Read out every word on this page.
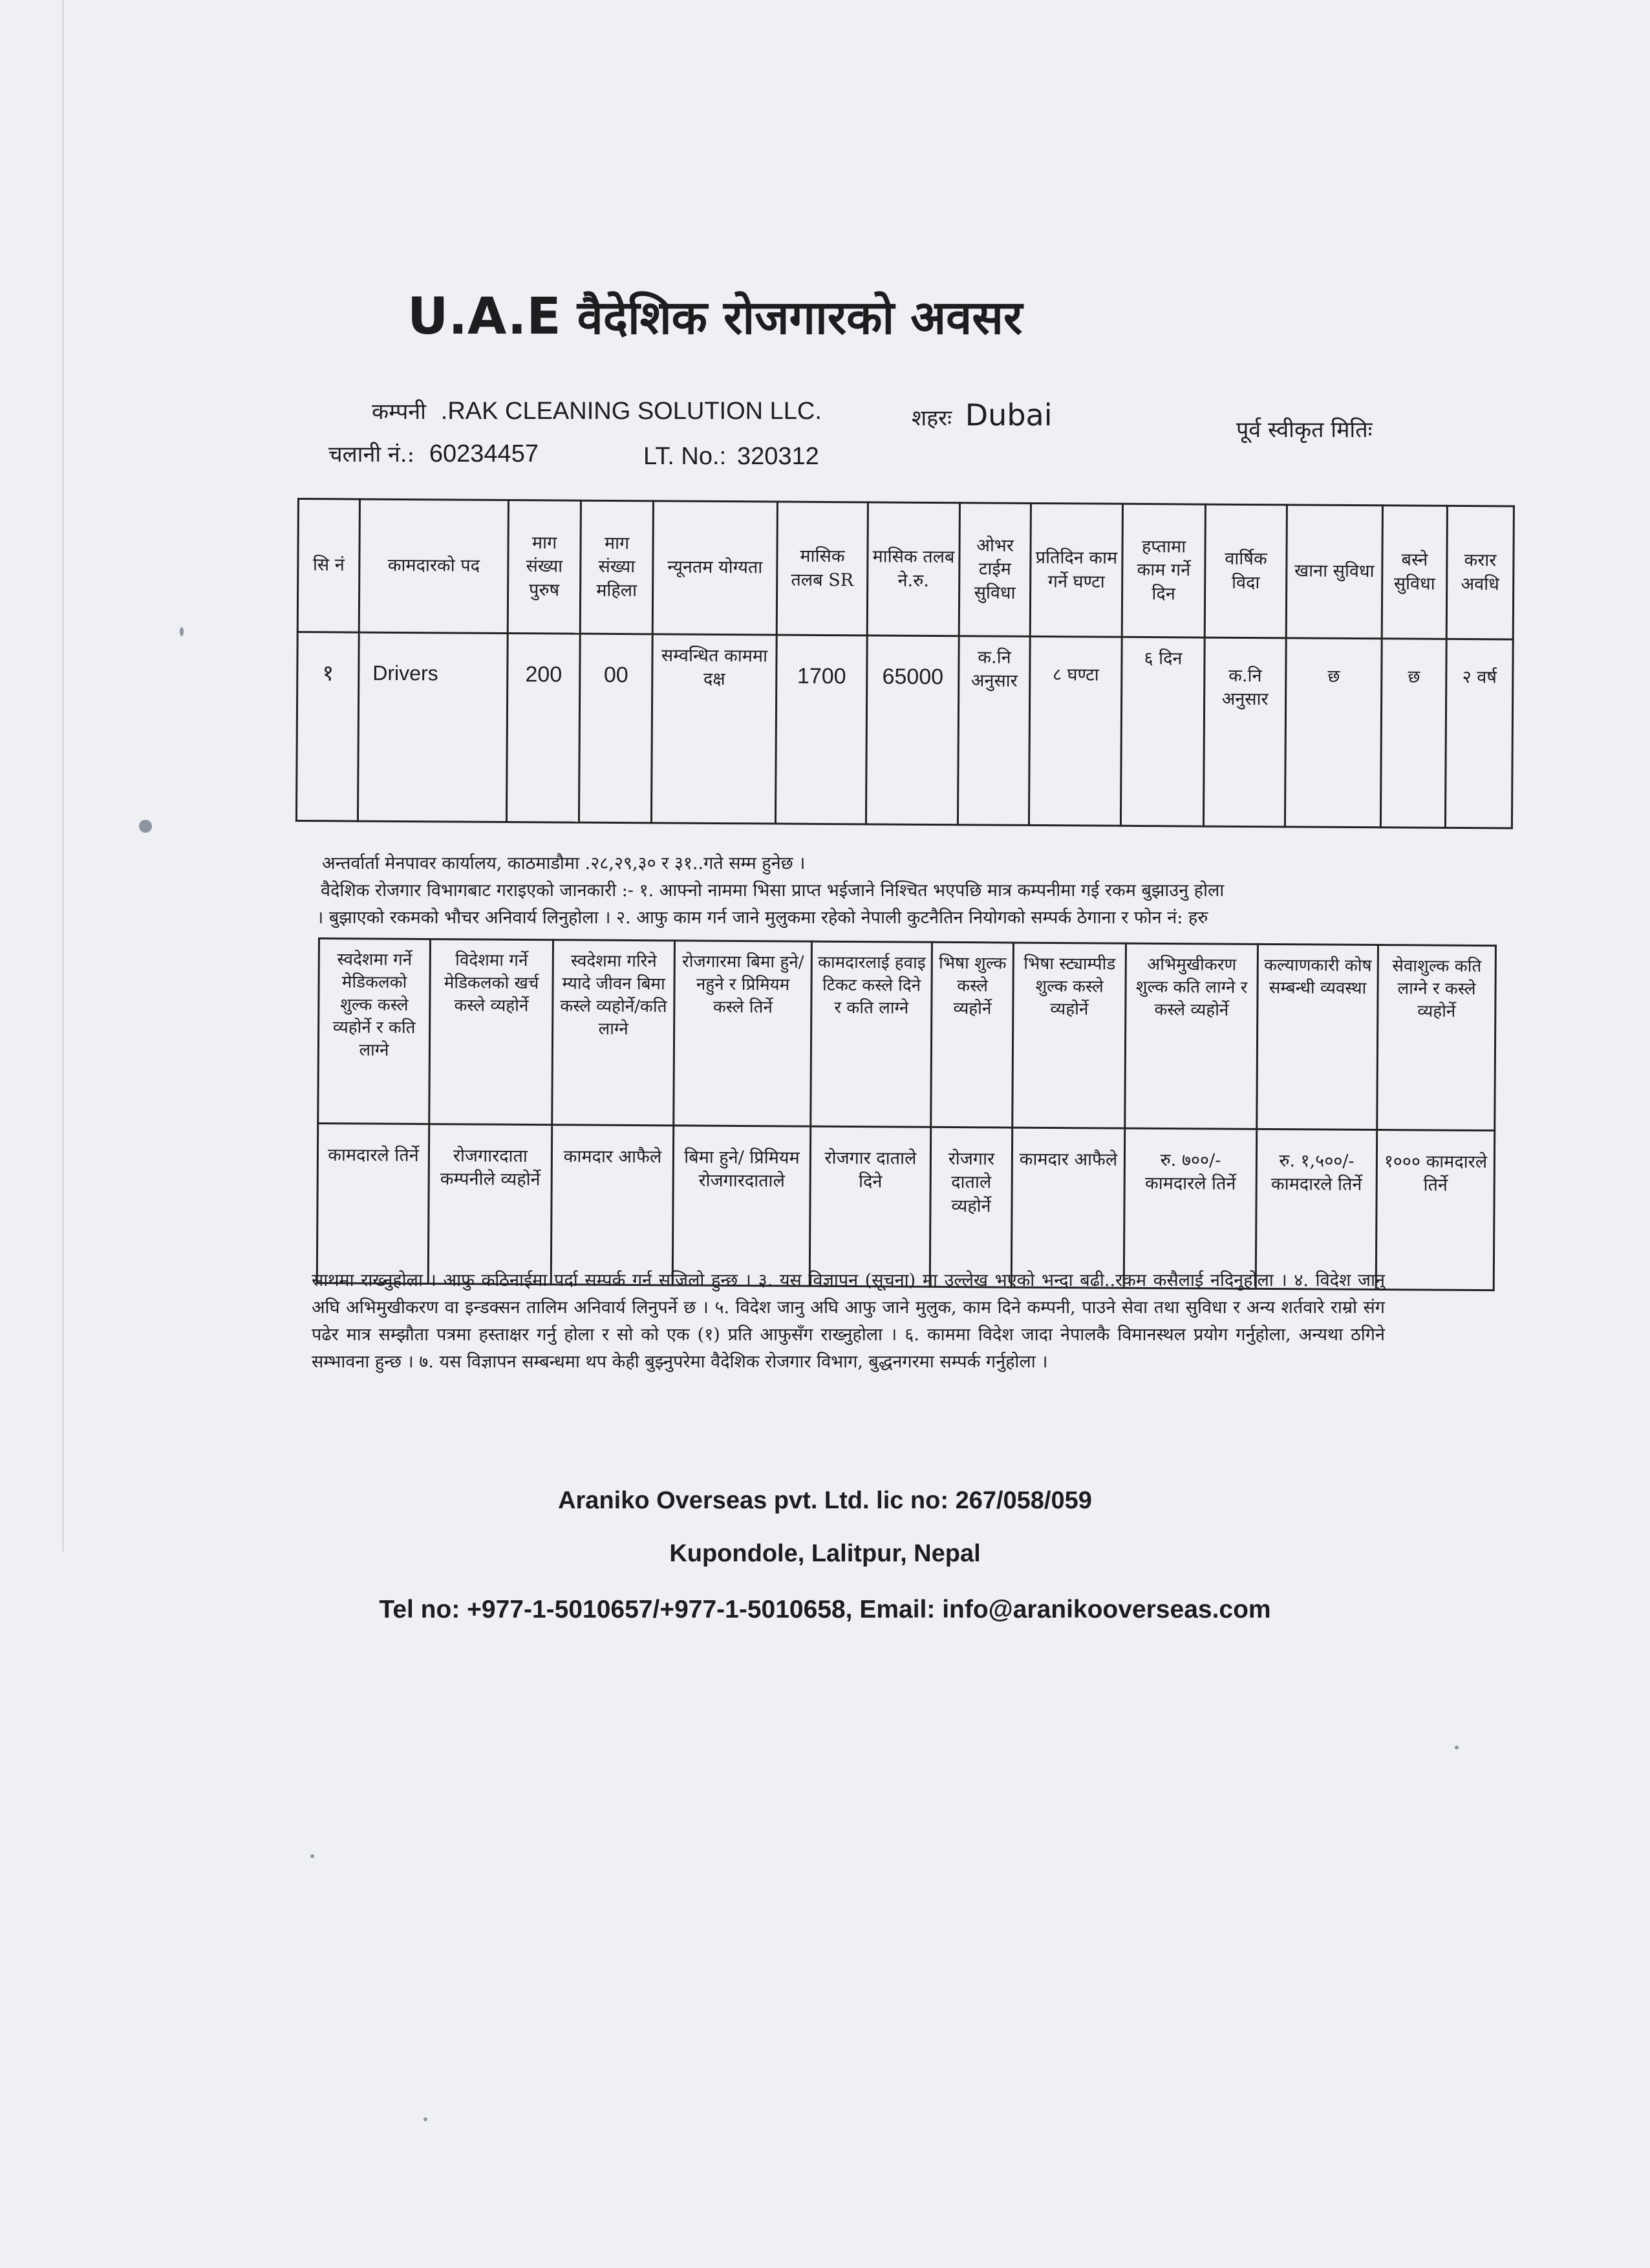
U.A.E वैदेशिक रोजगारको अवसर
कम्पनी .RAK CLEANING SOLUTION LLC.	शहरः Dubai	पूर्व स्वीकृत मितिः
चलानी नं.: 60234457	LT. No.: 320312
सि नं	कामदारको पद	माग संख्या पुरुष	माग संख्या महिला	न्यूनतम योग्यता	मासिक तलब SR	मासिक तलब ने.रु.	ओभर टाईम सुविधा	प्रतिदिन काम गर्ने घण्टा	हप्तामा काम गर्ने दिन	वार्षिक विदा	खाना सुविधा	बस्ने सुविधा	करार अवधि
१	Drivers	200	00	सम्वन्धित काममा दक्ष	1700	65000	क.नि अनुसार	८ घण्टा	६ दिन	क.नि अनुसार	छ	छ	२ वर्ष
अन्तर्वार्ता मेनपावर कार्यालय, काठमाडौमा .२८,२९,३० र ३१..गते सम्म हुनेछ ।
वैदेशिक रोजगार विभागबाट गराइएको जानकारी :- १. आफ्नो नाममा भिसा प्राप्त भईजाने निश्चित भएपछि मात्र कम्पनीमा गई रकम बुझाउनु होला
। बुझाएको रकमको भौचर अनिवार्य लिनुहोला । २. आफु काम गर्न जाने मुलुकमा रहेको नेपाली कुटनैतिन नियोगको सम्पर्क ठेगाना र फोन नं: हरु
स्वदेशमा गर्ने मेडिकलको शुल्क कस्ले व्यहोर्ने र कति लाग्ने	विदेशमा गर्ने मेडिकलको खर्च कस्ले व्यहोर्ने	स्वदेशमा गरिने म्यादे जीवन बिमा कस्ले व्यहोर्ने/कति लाग्ने	रोजगारमा बिमा हुने/नहुने र प्रिमियम कस्ले तिर्ने	कामदारलाई हवाइ टिकट कस्ले दिने र कति लाग्ने	भिषा शुल्क कस्ले व्यहोर्ने	भिषा स्ट्याम्पीड शुल्क कस्ले व्यहोर्ने	अभिमुखीकरण शुल्क कति लाग्ने र कस्ले व्यहोर्ने	कल्याणकारी कोष सम्बन्धी व्यवस्था	सेवाशुल्क कति लाग्ने र कस्ले व्यहोर्ने
कामदारले तिर्ने	रोजगारदाता कम्पनीले व्यहोर्ने	कामदार आफैले	बिमा हुने/ प्रिमियम रोजगारदाताले	रोजगार दाताले दिने	रोजगार दाताले व्यहोर्ने	कामदार आफैले	रु. ७००/- कामदारले तिर्ने	रु. १,५००/- कामदारले तिर्ने	१००० कामदारले तिर्ने
साथमा राख्नुहोला । आफु कठिनाईमा पर्दा सम्पर्क गर्न सजिलो हुन्छ । ३. यस विज्ञापन (सूचना) मा उल्लेख भएको भन्दा बढी..रकम कसैलाई नदिनुहोला । ४. विदेश जानु अघि अभिमुखीकरण वा इन्डक्सन तालिम अनिवार्य लिनुपर्ने छ । ५. विदेश जानु अघि आफु जाने मुलुक, काम दिने कम्पनी, पाउने सेवा तथा सुविधा र अन्य शर्तवारे राम्रो संग पढेर मात्र सम्झौता पत्रमा हस्ताक्षर गर्नु होला र सो को एक (१) प्रति आफुसँग राख्नुहोला । ६. काममा विदेश जादा नेपालकै विमानस्थल प्रयोग गर्नुहोला, अन्यथा ठगिने सम्भावना हुन्छ । ७. यस विज्ञापन सम्बन्धमा थप केही बुझ्नुपरेमा वैदेशिक रोजगार विभाग, बुद्धनगरमा सम्पर्क गर्नुहोला ।
Araniko Overseas pvt. Ltd. lic no: 267/058/059
Kupondole, Lalitpur, Nepal
Tel no: +977-1-5010657/+977-1-5010658, Email: info@aranikooverseas.com
